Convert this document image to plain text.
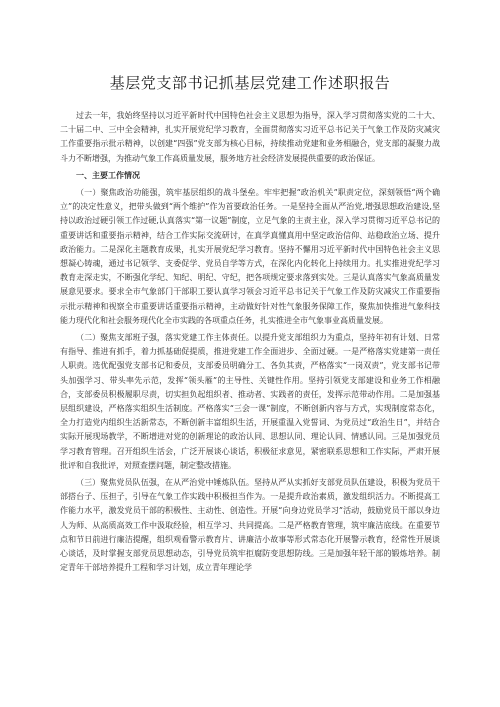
基层党支部书记抓基层党建工作述职报告

过去一年，我始终坚持以习近平新时代中国特色社会主义思想为指导，深入学习贯彻落实党的二十大、二十届二中、三中全会精神，扎实开展党纪学习教育，全面贯彻落实习近平总书记关于气象工作及防灾减灾工作重要指示批示精神，以创建“四强”党支部为核心目标，持续推动党建和业务相融合，党支部的凝聚力战斗力不断增强，为推动气象工作高质量发展，服务地方社会经济发展提供重要的政治保证。

一、主要工作情况

（一）聚焦政治功能强，筑牢基层组织的战斗堡垒。牢牢把握“政治机关”职责定位，深刻领悟“两个确立”的决定性意义，把带头做到“两个维护”作为首要政治任务。一是坚持全面从严治党,增强思想政治建设,坚持以政治过硬引领工作过硬,认真落实“第一议题”制度，立足气象的主责主业，深入学习贯彻习近平总书记的重要讲话和重要指示精神，结合工作实际交流研讨，在真学真懂真用中坚定政治信仰、站稳政治立场、提升政治能力。二是深化主题教育成果，扎实开展党纪学习教育。坚持不懈用习近平新时代中国特色社会主义思想凝心铸魂，通过书记领学、支委促学、党员自学等方式，在深化内化转化上持续用力。扎实推进党纪学习教育走深走实，不断强化学纪、知纪、明纪、守纪，把各项规定要求落到实处。三是认真落实气象高质量发展意见要求。要求全市气象部门干部职工要认真学习领会习近平总书记关于气象工作及防灾减灾工作重要指示批示精神和视察全市重要讲话重要指示精神，主动做好针对性气象服务保障工作，聚焦加快推进气象科技能力现代化和社会服务现代化全市实践的各项重点任务，扎实推进全市气象事业高质量发展。

（二）聚焦支部班子强，落实党建工作主体责任。以提升党支部组织力为重点，坚持年初有计划、日常有指导、推进有抓手，着力抓基础促提质，推进党建工作全面进步、全面过硬。一是严格落实党建第一责任人职责。选优配强党支部书记和委员，支部委员明确分工、各负其责，严格落实“一岗双责”，党支部书记带头加强学习、带头率先示范，发挥“领头雁”的主导性、关键性作用。坚持引领党支部建设和业务工作相融合，支部委员积极履职尽责，切实担负起组织者、推动者、实践者的责任，发挥示范带动作用。二是加强基层组织建设，严格落实组织生活制度。严格落实“三会一课”制度，不断创新内容与方式，实现制度常态化，全力打造党内组织生活新常态，不断创新丰富组织生活，开展重温入党誓词、为党员过“政治生日”，并结合实际开展现场教学，不断增进对党的创新理论的政治认同、思想认同、理论认同、情感认同。三是加强党员学习教育管理。召开组织生活会，广泛开展谈心谈话，积极征求意见，紧密联系思想和工作实际，严肃开展批评和自我批评，对照查摆问题，制定整改措施。

（三）聚焦党员队伍强，在从严治党中锤炼队伍。坚持从严从实抓好支部党员队伍建设，积极为党员干部搭台子、压担子，引导在气象工作实践中积极担当作为。一是提升政治素质，激发组织活力。不断提高工作能力水平，激发党员干部的积极性、主动性、创造性。开展“向身边党员学习”活动，鼓励党员干部以身边人为师、从高质高效工作中汲取经验，相互学习、共同提高。二是严格教育管理，筑牢廉洁底线。在重要节点和节日前进行廉洁提醒，组织观看警示教育片、讲廉洁小故事等形式常态化开展警示教育，经常性开展谈心谈话，及时掌握支部党员思想动态，引导党员筑牢拒腐防变思想防线。三是加强年轻干部的锻炼培养。制定青年干部培养提升工程和学习计划，成立青年理论学
